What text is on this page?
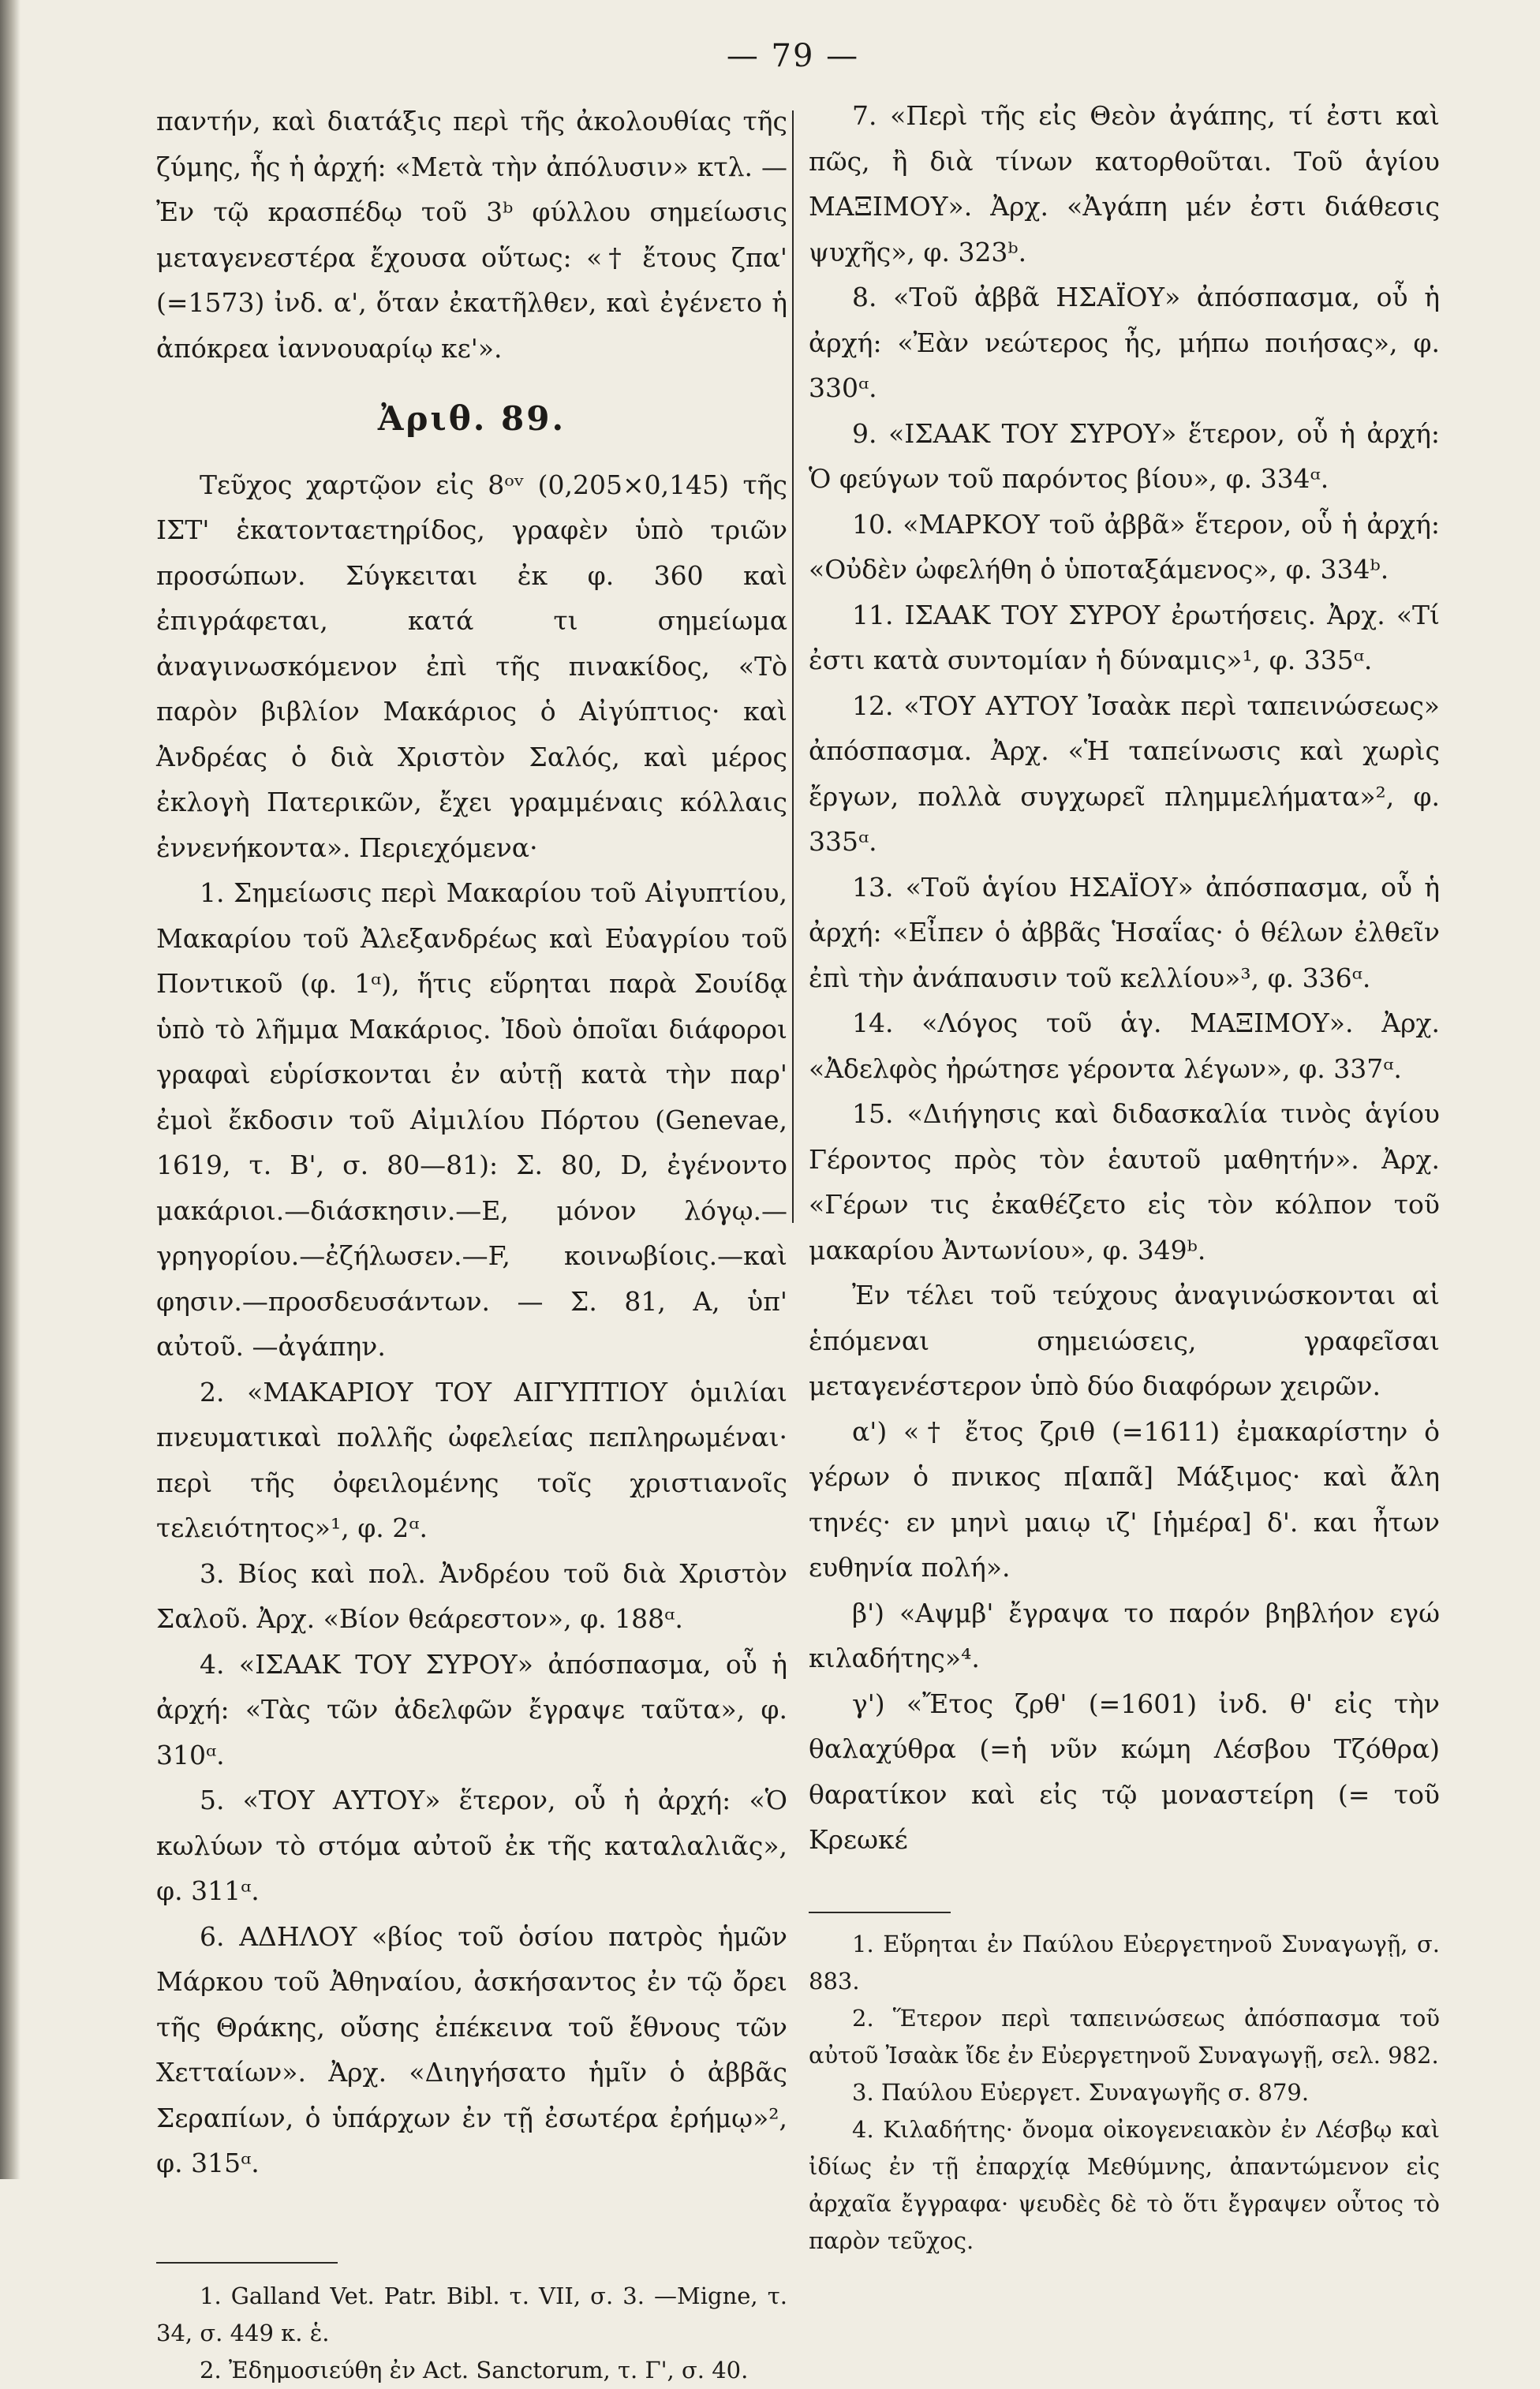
— 79 —

παντήν, καὶ διατάξις περὶ τῆς ἀκολουθίας τῆς ζύμης, ἧς ἡ ἀρχή: «Μετὰ τὴν ἀπόλυσιν» κτλ. —Ἐν τῷ κρασπέδῳ τοῦ 3ᵇ φύλλου σημείωσις μεταγενεστέρα ἔχουσα οὕτως: «† ἔτους ζπα' (=1573) ἰνδ. α', ὅταν ἐκατῆλθεν, καὶ ἐγένετο ἡ ἀπόκρεα ἰαννουαρίῳ κε'».

Ἀριθ. 89.

Τεῦχος χαρτῷον εἰς 8ᵒᵛ (0,205×0,145) τῆς ΙΣΤ' ἑκατονταετηρίδος, γραφὲν ὑπὸ τριῶν προσώπων. Σύγκειται ἐκ φ. 360 καὶ ἐπιγράφεται, κατά τι σημείωμα ἀναγινωσκόμενον ἐπὶ τῆς πινακίδος, «Τὸ παρὸν βιβλίον Μακάριος ὁ Αἰγύπτιος· καὶ Ἀνδρέας ὁ διὰ Χριστὸν Σαλός, καὶ μέρος ἐκλογὴ Πατερικῶν, ἔχει γραμμέναις κόλλαις ἐννενήκοντα». Περιεχόμενα·

1. Σημείωσις περὶ Μακαρίου τοῦ Αἰγυπτίου, Μακαρίου τοῦ Ἀλεξανδρέως καὶ Εὐαγρίου τοῦ Ποντικοῦ (φ. 1ᵅ), ἥτις εὕρηται παρὰ Σουίδᾳ ὑπὸ τὸ λῆμμα Μακάριος. Ἰδοὺ ὁποῖαι διάφοροι γραφαὶ εὑρίσκονται ἐν αὐτῇ κατὰ τὴν παρ' ἐμοὶ ἔκδοσιν τοῦ Αἰμιλίου Πόρτου (Genevae, 1619, τ. Β', σ. 80—81): Σ. 80, D, ἐγένοντο μακάριοι.—διάσκησιν.—Ε, μόνον λόγῳ.—γρηγορίου.—ἐζήλωσεν.—F, κοινωβίοις.—καὶ φησιν.—προσδευσάντων. — Σ. 81, A, ὑπ' αὐτοῦ. —ἀγάπην.

2. «ΜΑΚΑΡΙΟΥ ΤΟΥ ΑΙΓΥΠΤΙΟΥ ὁμιλίαι πνευματικαὶ πολλῆς ὠφελείας πεπληρωμέναι· περὶ τῆς ὀφειλομένης τοῖς χριστιανοῖς τελειότητος»¹, φ. 2ᵅ.

3. Βίος καὶ πολ. Ἀνδρέου τοῦ διὰ Χριστὸν Σαλοῦ. Ἀρχ. «Βίον θεάρεστον», φ. 188ᵅ.

4. «ΙΣΑΑΚ ΤΟΥ ΣΥΡΟΥ» ἀπόσπασμα, οὗ ἡ ἀρχή: «Τὰς τῶν ἀδελφῶν ἔγραψε ταῦτα», φ. 310ᵅ.

5. «ΤΟΥ ΑΥΤΟΥ» ἕτερον, οὗ ἡ ἀρχή: «Ὁ κωλύων τὸ στόμα αὐτοῦ ἐκ τῆς καταλαλιᾶς», φ. 311ᵅ.

6. ΑΔΗΛΟΥ «βίος τοῦ ὁσίου πατρὸς ἡμῶν Μάρκου τοῦ Ἀθηναίου, ἀσκήσαντος ἐν τῷ ὄρει τῆς Θράκης, οὔσης ἐπέκεινα τοῦ ἔθνους τῶν Χετταίων». Ἀρχ. «Διηγήσατο ἡμῖν ὁ ἀββᾶς Σεραπίων, ὁ ὑπάρχων ἐν τῇ ἐσωτέρα ἐρήμῳ»², φ. 315ᵅ.

1. Galland Vet. Patr. Bibl. τ. VII, σ. 3. —Migne, τ. 34, σ. 449 κ. ἑ.

2. Ἐδημοσιεύθη ἐν Act. Sanctorum, τ. Γ', σ. 40.

7. «Περὶ τῆς εἰς Θεὸν ἀγάπης, τί ἐστι καὶ πῶς, ἢ διὰ τίνων κατορθοῦται. Τοῦ ἁγίου ΜΑΞΙΜΟΥ». Ἀρχ. «Ἀγάπη μέν ἐστι διάθεσις ψυχῆς», φ. 323ᵇ.

8. «Τοῦ ἀββᾶ ΗΣΑΪΟΥ» ἀπόσπασμα, οὗ ἡ ἀρχή: «Ἐὰν νεώτερος ἦς, μήπω ποιήσας», φ. 330ᵅ.

9. «ΙΣΑΑΚ ΤΟΥ ΣΥΡΟΥ» ἕτερον, οὗ ἡ ἀρχή: Ὁ φεύγων τοῦ παρόντος βίου», φ. 334ᵅ.

10. «ΜΑΡΚΟΥ τοῦ ἀββᾶ» ἕτερον, οὗ ἡ ἀρχή: «Οὐδὲν ὠφελήθη ὁ ὑποταξάμενος», φ. 334ᵇ.

11. ΙΣΑΑΚ ΤΟΥ ΣΥΡΟΥ ἐρωτήσεις. Ἀρχ. «Τί ἐστι κατὰ συντομίαν ἡ δύναμις»¹, φ. 335ᵅ.

12. «ΤΟΥ ΑΥΤΟΥ Ἰσαὰκ περὶ ταπεινώσεως» ἀπόσπασμα. Ἀρχ. «Ἡ ταπείνωσις καὶ χωρὶς ἔργων, πολλὰ συγχωρεῖ πλημμελήματα»², φ. 335ᵅ.

13. «Τοῦ ἁγίου ΗΣΑΪΟΥ» ἀπόσπασμα, οὗ ἡ ἀρχή: «Εἶπεν ὁ ἀββᾶς Ἡσαΐας· ὁ θέλων ἐλθεῖν ἐπὶ τὴν ἀνάπαυσιν τοῦ κελλίου»³, φ. 336ᵅ.

14. «Λόγος τοῦ ἁγ. ΜΑΞΙΜΟΥ». Ἀρχ. «Ἀδελφὸς ἠρώτησε γέροντα λέγων», φ. 337ᵅ.

15. «Διήγησις καὶ διδασκαλία τινὸς ἁγίου Γέροντος πρὸς τὸν ἑαυτοῦ μαθητήν». Ἀρχ. «Γέρων τις ἐκαθέζετο εἰς τὸν κόλπον τοῦ μακαρίου Ἀντωνίου», φ. 349ᵇ.

Ἐν τέλει τοῦ τεύχους ἀναγινώσκονται αἱ ἑπόμεναι σημειώσεις, γραφεῖσαι μεταγενέστερον ὑπὸ δύο διαφόρων χειρῶν.

α') «† ἔτος ζριθ (=1611) ἐμακαρίστην ὁ γέρων ὁ πνικος π[απᾶ] Μάξιμος· καὶ ἄλη τηνές· εν μηνὶ μαιῳ ιζ' [ἡμέρα] δ'. και ἦτων ευθηνία πολή».

β') «Αψμβ' ἔγραψα το παρόν βηβλήον εγώ κιλαδήτης»⁴.

γ') «Ἔτος ζρθ' (=1601) ἰνδ. θ' εἰς τὴν θαλαχύθρα (=ἡ νῦν κώμη Λέσβου Τζόθρα) θαρατίκον καὶ εἰς τῷ μοναστείρη (= τοῦ Κρεωκέ

1. Εὕρηται ἐν Παύλου Εὐεργετηνοῦ Συναγωγῇ, σ. 883.

2. Ἕτερον περὶ ταπεινώσεως ἀπόσπασμα τοῦ αὐτοῦ Ἰσαὰκ ἴδε ἐν Εὐεργετηνοῦ Συναγωγῇ, σελ. 982.

3. Παύλου Εὐεργετ. Συναγωγῆς σ. 879.

4. Κιλαδήτης· ὄνομα οἰκογενειακὸν ἐν Λέσβῳ καὶ ἰδίως ἐν τῇ ἐπαρχίᾳ Μεθύμνης, ἀπαντώμενον εἰς ἀρχαῖα ἔγγραφα· ψευδὲς δὲ τὸ ὅτι ἔγραψεν οὗτος τὸ παρὸν τεῦχος.
